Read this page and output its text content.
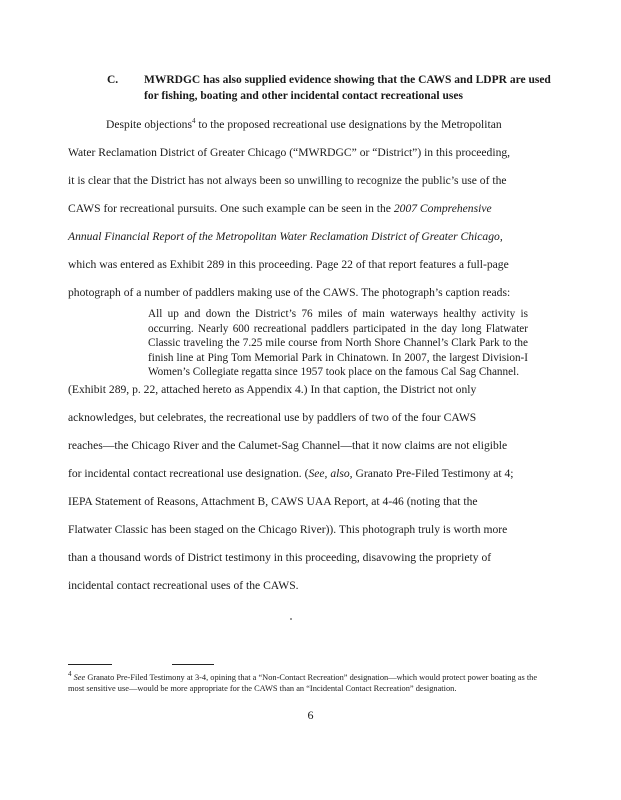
C. MWRDGC has also supplied evidence showing that the CAWS and LDPR are used for fishing, boating and other incidental contact recreational uses
Despite objections$^4$ to the proposed recreational use designations by the Metropolitan
Water Reclamation District of Greater Chicago (“MWRDGC” or “District”) in this proceeding,
it is clear that the District has not always been so unwilling to recognize the public’s use of the
CAWS for recreational pursuits. One such example can be seen in the 2007 Comprehensive
Annual Financial Report of the Metropolitan Water Reclamation District of Greater Chicago,
which was entered as Exhibit 289 in this proceeding. Page 22 of that report features a full-page
photograph of a number of paddlers making use of the CAWS. The photograph’s caption reads:
All up and down the District’s 76 miles of main waterways healthy activity is occurring. Nearly 600 recreational paddlers participated in the day long Flatwater Classic traveling the 7.25 mile course from North Shore Channel’s Clark Park to the finish line at Ping Tom Memorial Park in Chinatown. In 2007, the largest Division-I Women’s Collegiate regatta since 1957 took place on the famous Cal Sag Channel.
(Exhibit 289, p. 22, attached hereto as Appendix 4.) In that caption, the District not only
acknowledges, but celebrates, the recreational use by paddlers of two of the four CAWS
reaches—the Chicago River and the Calumet-Sag Channel—that it now claims are not eligible
for incidental contact recreational use designation. (See, also, Granato Pre-Filed Testimony at 4;
IEPA Statement of Reasons, Attachment B, CAWS UAA Report, at 4-46 (noting that the
Flatwater Classic has been staged on the Chicago River)). This photograph truly is worth more
than a thousand words of District testimony in this proceeding, disavowing the propriety of
incidental contact recreational uses of the CAWS.
$^4$ See Granato Pre-Filed Testimony at 3-4, opining that a “Non-Contact Recreation” designation—which would protect power boating as the most sensitive use—would be more appropriate for the CAWS than an “Incidental Contact Recreation” designation.
6
